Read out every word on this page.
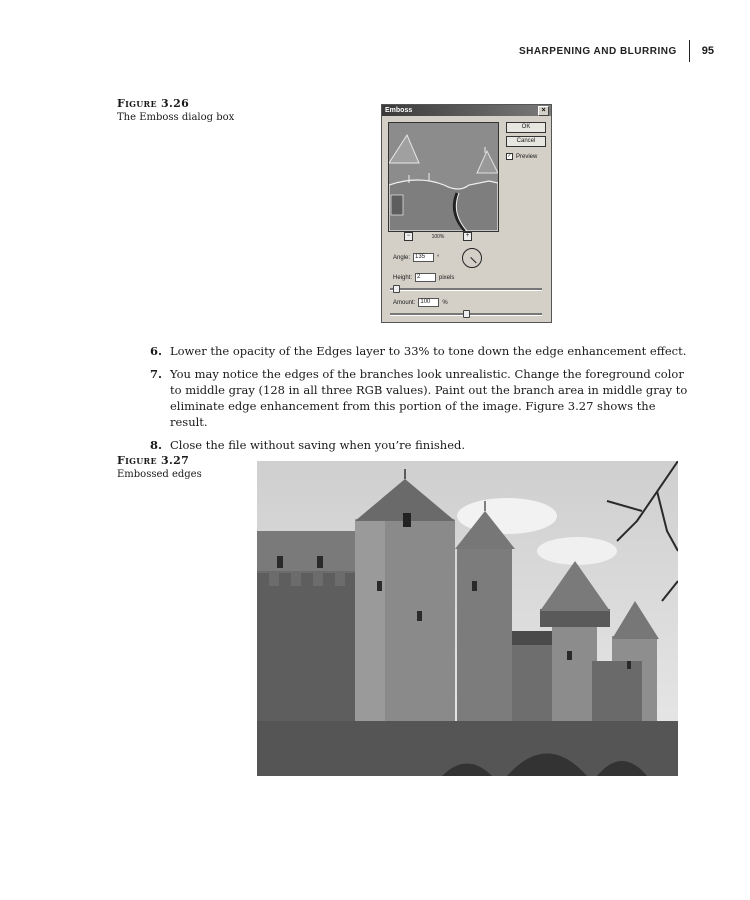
SHARPENING AND BLURRING 95
Figure 3.26
The Emboss dialog box
Emboss	×
OK
Cancel
✓ Preview
−	100%	+
Angle: 135	°
Height: 2	pixels
Amount: 100	%
6. Lower the opacity of the Edges layer to 33% to tone down the edge enhancement effect.
7. You may notice the edges of the branches look unrealistic. Change the foreground color to middle gray (128 in all three RGB values). Paint out the branch area in middle gray to eliminate edge enhancement from this portion of the image. Figure 3.27 shows the result.
8. Close the file without saving when you’re finished.
Figure 3.27
Embossed edges
